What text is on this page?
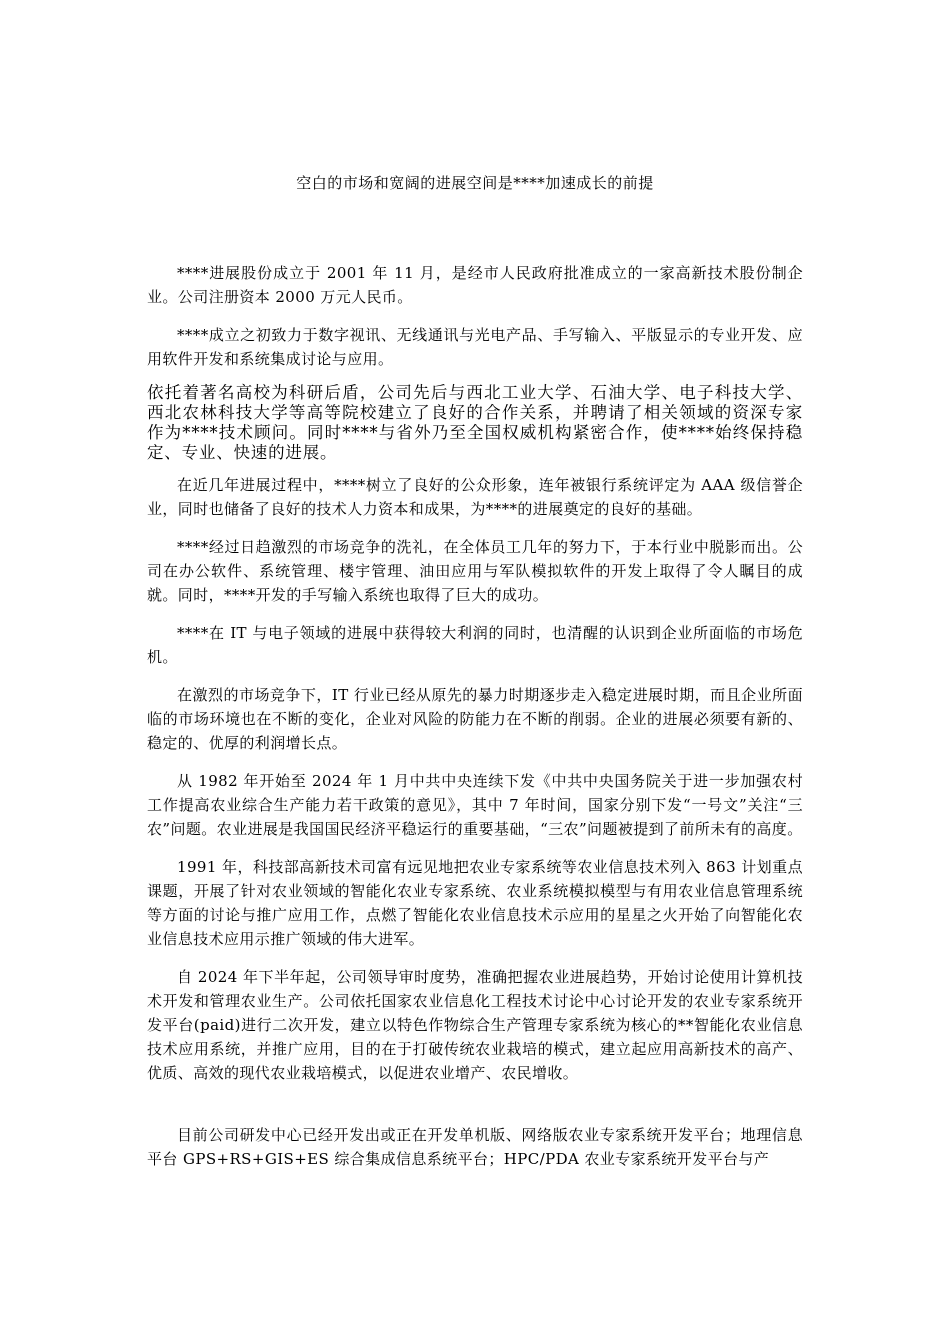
空白的市场和宽阔的进展空间是****加速成长的前提

****进展股份成立于 2001 年 11 月，是经市人民政府批准成立的一家高新技术股份制企业。公司注册资本 2000 万元人民币。

****成立之初致力于数字视讯、无线通讯与光电产品、手写输入、平版显示的专业开发、应用软件开发和系统集成讨论与应用。

依托着著名高校为科研后盾，公司先后与西北工业大学、石油大学、电子科技大学、西北农林科技大学等高等院校建立了良好的合作关系，并聘请了相关领域的资深专家作为****技术顾问。同时****与省外乃至全国权威机构紧密合作，使****始终保持稳定、专业、快速的进展。

在近几年进展过程中，****树立了良好的公众形象，连年被银行系统评定为 AAA 级信誉企业，同时也储备了良好的技术人力资本和成果，为****的进展奠定的良好的基础。

****经过日趋激烈的市场竞争的洗礼，在全体员工几年的努力下，于本行业中脱影而出。公司在办公软件、系统管理、楼宇管理、油田应用与军队模拟软件的开发上取得了令人瞩目的成就。同时，****开发的手写输入系统也取得了巨大的成功。

****在 IT 与电子领域的进展中获得较大利润的同时，也清醒的认识到企业所面临的市场危机。

在激烈的市场竞争下，IT 行业已经从原先的暴力时期逐步走入稳定进展时期，而且企业所面临的市场环境也在不断的变化，企业对风险的防能力在不断的削弱。企业的进展必须要有新的、稳定的、优厚的利润增长点。

从 1982 年开始至 2024 年 1 月中共中央连续下发《中共中央国务院关于进一步加强农村工作提高农业综合生产能力若干政策的意见》，其中 7 年时间，国家分别下发“一号文”关注“三农”问题。农业进展是我国国民经济平稳运行的重要基础，“三农”问题被提到了前所未有的高度。

1991 年，科技部高新技术司富有远见地把农业专家系统等农业信息技术列入 863 计划重点课题，开展了针对农业领域的智能化农业专家系统、农业系统模拟模型与有用农业信息管理系统等方面的讨论与推广应用工作，点燃了智能化农业信息技术示应用的星星之火开始了向智能化农业信息技术应用示推广领域的伟大进军。

自 2024 年下半年起，公司领导审时度势，准确把握农业进展趋势，开始讨论使用计算机技术开发和管理农业生产。公司依托国家农业信息化工程技术讨论中心讨论开发的农业专家系统开发平台(paid)进行二次开发，建立以特色作物综合生产管理专家系统为核心的**智能化农业信息技术应用系统，并推广应用，目的在于打破传统农业栽培的模式，建立起应用高新技术的高产、优质、高效的现代农业栽培模式，以促进农业增产、农民增收。

目前公司研发中心已经开发出或正在开发单机版、网络版农业专家系统开发平台；地理信息平台 GPS+RS+GIS+ES 综合集成信息系统平台；HPC/PDA 农业专家系统开发平台与产
